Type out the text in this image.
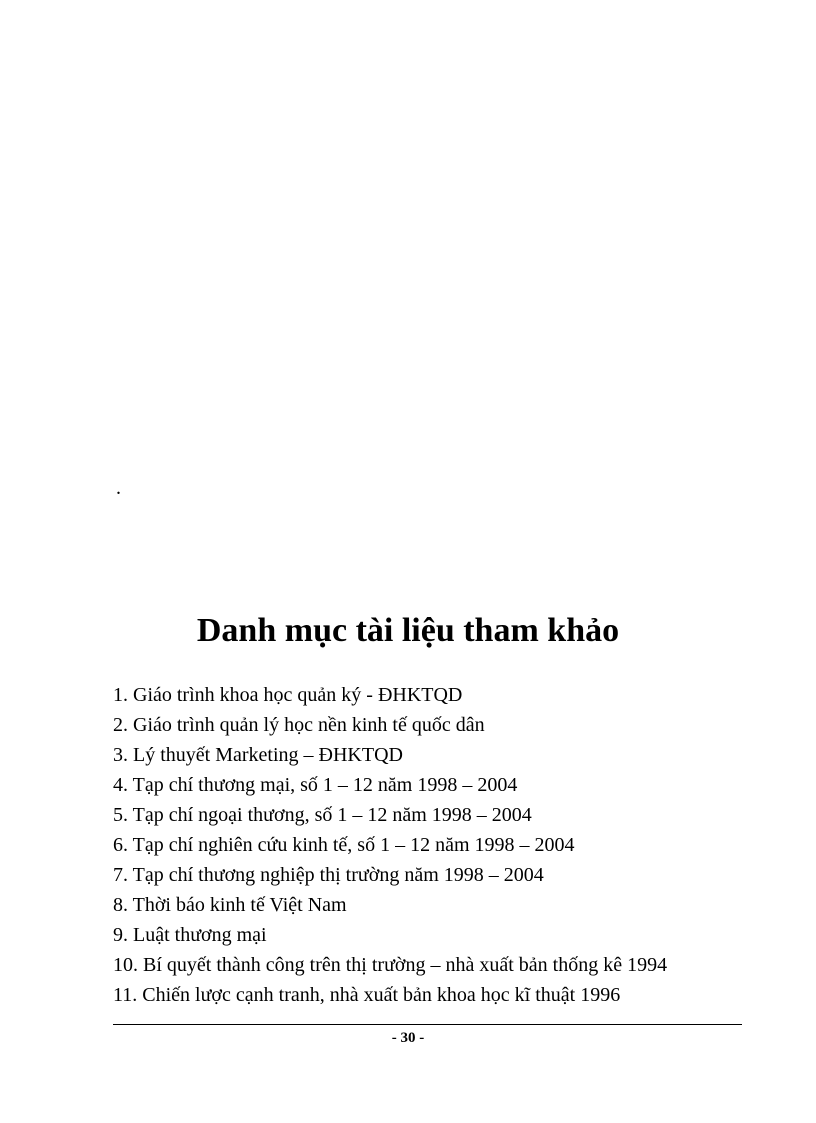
.
Danh mục tài liệu tham khảo
1. Giáo trình khoa học quản ký - ĐHKTQD
2. Giáo trình quản lý học nền kinh tế quốc dân
3. Lý thuyết Marketing – ĐHKTQD
4. Tạp chí thương mại, số 1 – 12 năm 1998 – 2004
5. Tạp chí ngoại thương, số 1 – 12 năm 1998 – 2004
6. Tạp chí nghiên cứu kinh tế, số 1 – 12 năm 1998 – 2004
7. Tạp chí thương nghiệp thị trường năm 1998 – 2004
8. Thời báo kinh tế Việt Nam
9. Luật thương mại
10. Bí quyết thành công trên thị trường – nhà xuất bản thống kê 1994
11. Chiến lược cạnh tranh, nhà xuất bản khoa học kĩ thuật 1996
- 30 -
